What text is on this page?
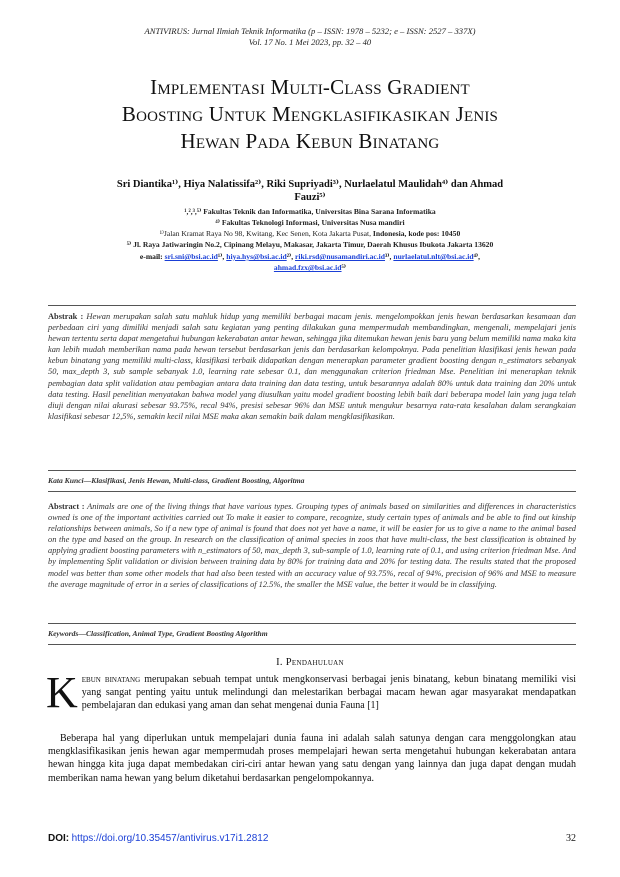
ANTIVIRUS: Jurnal Ilmiah Teknik Informatika (p – ISSN: 1978 – 5232; e – ISSN: 2527 – 337X)
Vol. 17 No. 1 Mei 2023, pp. 32 – 40
Implementasi Multi-Class Gradient
Boosting Untuk Mengklasifikasikan Jenis
Hewan Pada Kebun Binatang
Sri Diantika¹⁾, Hiya Nalatissifa²⁾, Riki Supriyadi³⁾, Nurlaelatul Maulidah⁴⁾ dan Ahmad
Fauzi⁵⁾
¹,²,³,⁵⁾ Fakultas Teknik dan Informatika, Universitas Bina Sarana Informatika
⁴⁾ Fakultas Teknologi Informasi, Universitas Nusa mandiri
¹⁾Jalan Kramat Raya No 98, Kwitang, Kec Senen, Kota Jakarta Pusat, Indonesia, kode pos: 10450
⁵⁾ Jl. Raya Jatiwaringin No.2, Cipinang Melayu, Makasar, Jakarta Timur, Daerah Khusus Ibukota Jakarta 13620
e-mail: sri.sni@bsi.ac.id¹⁾, hiya.hys@bsi.ac.id²⁾, riki.rsd@nusamandiri.ac.id³⁾, nurlaelatul.nlt@bsi.ac.id⁴⁾,
ahmad.fzx@bsi.ac.id⁵⁾
Abstrak : Hewan merupakan salah satu mahluk hidup yang memiliki berbagai macam jenis. mengelompokkan jenis hewan berdasarkan kesamaan dan perbedaan ciri yang dimiliki menjadi salah satu kegiatan yang penting dilakukan guna mempermudah membandingkan, mengenali, mempelajari jenis hewan tertentu serta dapat mengetahui hubungan kekerabatan antar hewan, sehingga jika ditemukan hewan jenis baru yang belum memiliki nama maka kita kan lebih mudah memberikan nama pada hewan tersebut berdasarkan jenis dan berdasarkan kelompoknya. Pada penelitian klasifikasi jenis hewan pada kebun binatang yang memiliki multi-class, klasifikasi terbaik didapatkan dengan menerapkan parameter gradient boosting dengan n_estimators sebanyak 50, max_depth 3, sub sample sebanyak 1.0, learning rate sebesar 0.1, dan menggunakan criterion friedman Mse. Penelitian ini menerapkan teknik pembagian data split validation atau pembagian antara data training dan data testing, untuk besarannya adalah 80% untuk data training dan 20% untuk data testing. Hasil penelitian menyatakan bahwa model yang diusulkan yaitu model gradient boosting lebih baik dari beberapa model lain yang juga telah diuji dengan nilai akurasi sebesar 93.75%, recal 94%, presisi sebesar 96% dan MSE untuk mengukur besarnya rata-rata kesalahan dalam serangkaian klasifikasi sebesar 12,5%, semakin kecil nilai MSE maka akan semakin baik dalam mengklasifikasikan.
Kata Kunci—Klasifikasi, Jenis Hewan, Multi-class, Gradient Boosting, Algoritma
Abstract : Animals are one of the living things that have various types. Grouping types of animals based on similarities and differences in characteristics owned is one of the important activities carried out To make it easier to compare, recognize, study certain types of animals and be able to find out kinship relationships between animals, So if a new type of animal is found that does not yet have a name, it will be easier for us to give a name to the animal based on the type and based on the group. In research on the classification of animal species in zoos that have multi-class, the best classification is obtained by applying gradient boosting parameters with n_estimators of 50, max_depth 3, sub-sample of 1.0, learning rate of 0.1, and using criterion friedman Mse. And by implementing Split validation or division between training data by 80% for training data and 20% for testing data. The results stated that the proposed model was better than some other models that had also been tested with an accuracy value of 93.75%, recal of 94%, precision of 96% and MSE to measure the average magnitude of error in a series of classifications of 12.5%, the smaller the MSE value, the better it would be in classifying.
Keywords—Classification, Animal Type, Gradient Boosting Algorithm
I. Pendahuluan
Kebun binatang merupakan sebuah tempat untuk mengkonservasi berbagai jenis binatang, kebun binatang memiliki visi yang sangat penting yaitu untuk melindungi dan melestarikan berbagai macam hewan agar masyarakat mendapatkan pembelajaran dan edukasi yang aman dan sehat mengenai dunia Fauna [1]
Beberapa hal yang diperlukan untuk mempelajari dunia fauna ini adalah salah satunya dengan cara menggolongkan atau mengklasifikasikan jenis hewan agar mempermudah proses mempelajari hewan serta mengetahui hubungan kekerabatan antara hewan hingga kita juga dapat membedakan ciri-ciri antar hewan yang satu dengan yang lainnya dan juga dapat dengan mudah memberikan nama hewan yang belum diketahui berdasarkan pengelompokannya.
DOI: https://doi.org/10.35457/antivirus.v17i1.2812	32
